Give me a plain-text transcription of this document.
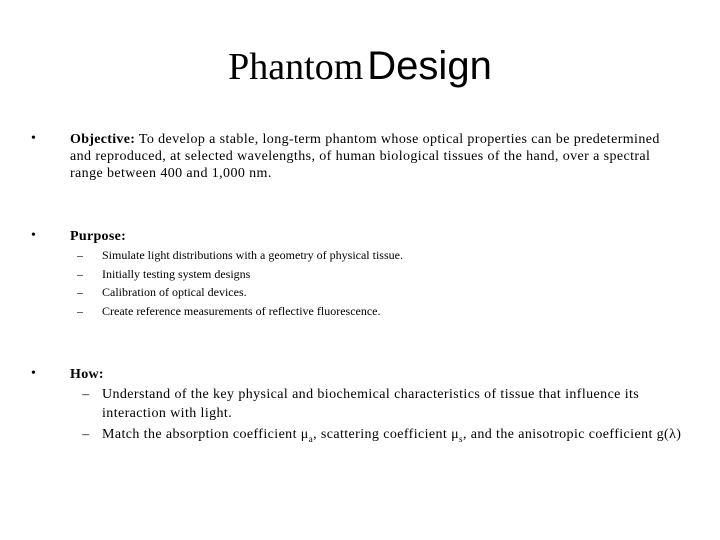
Phantom Design
• Objective: To develop a stable, long-term phantom whose optical properties can be predetermined and reproduced, at selected wavelengths, of human biological tissues of the hand, over a spectral range between 400 and 1,000 nm.
• Purpose:
–	Simulate light distributions with a geometry of physical tissue.
–	Initially testing system designs
–	Calibration of optical devices.
–	Create reference measurements of reflective fluorescence.
• How:
– Understand of the key physical and biochemical characteristics of tissue that influence its interaction with light.
– Match the absorption coefficient $\mu_a$, scattering coefficient $\mu_s$, and the anisotropic coefficient g(λ)
